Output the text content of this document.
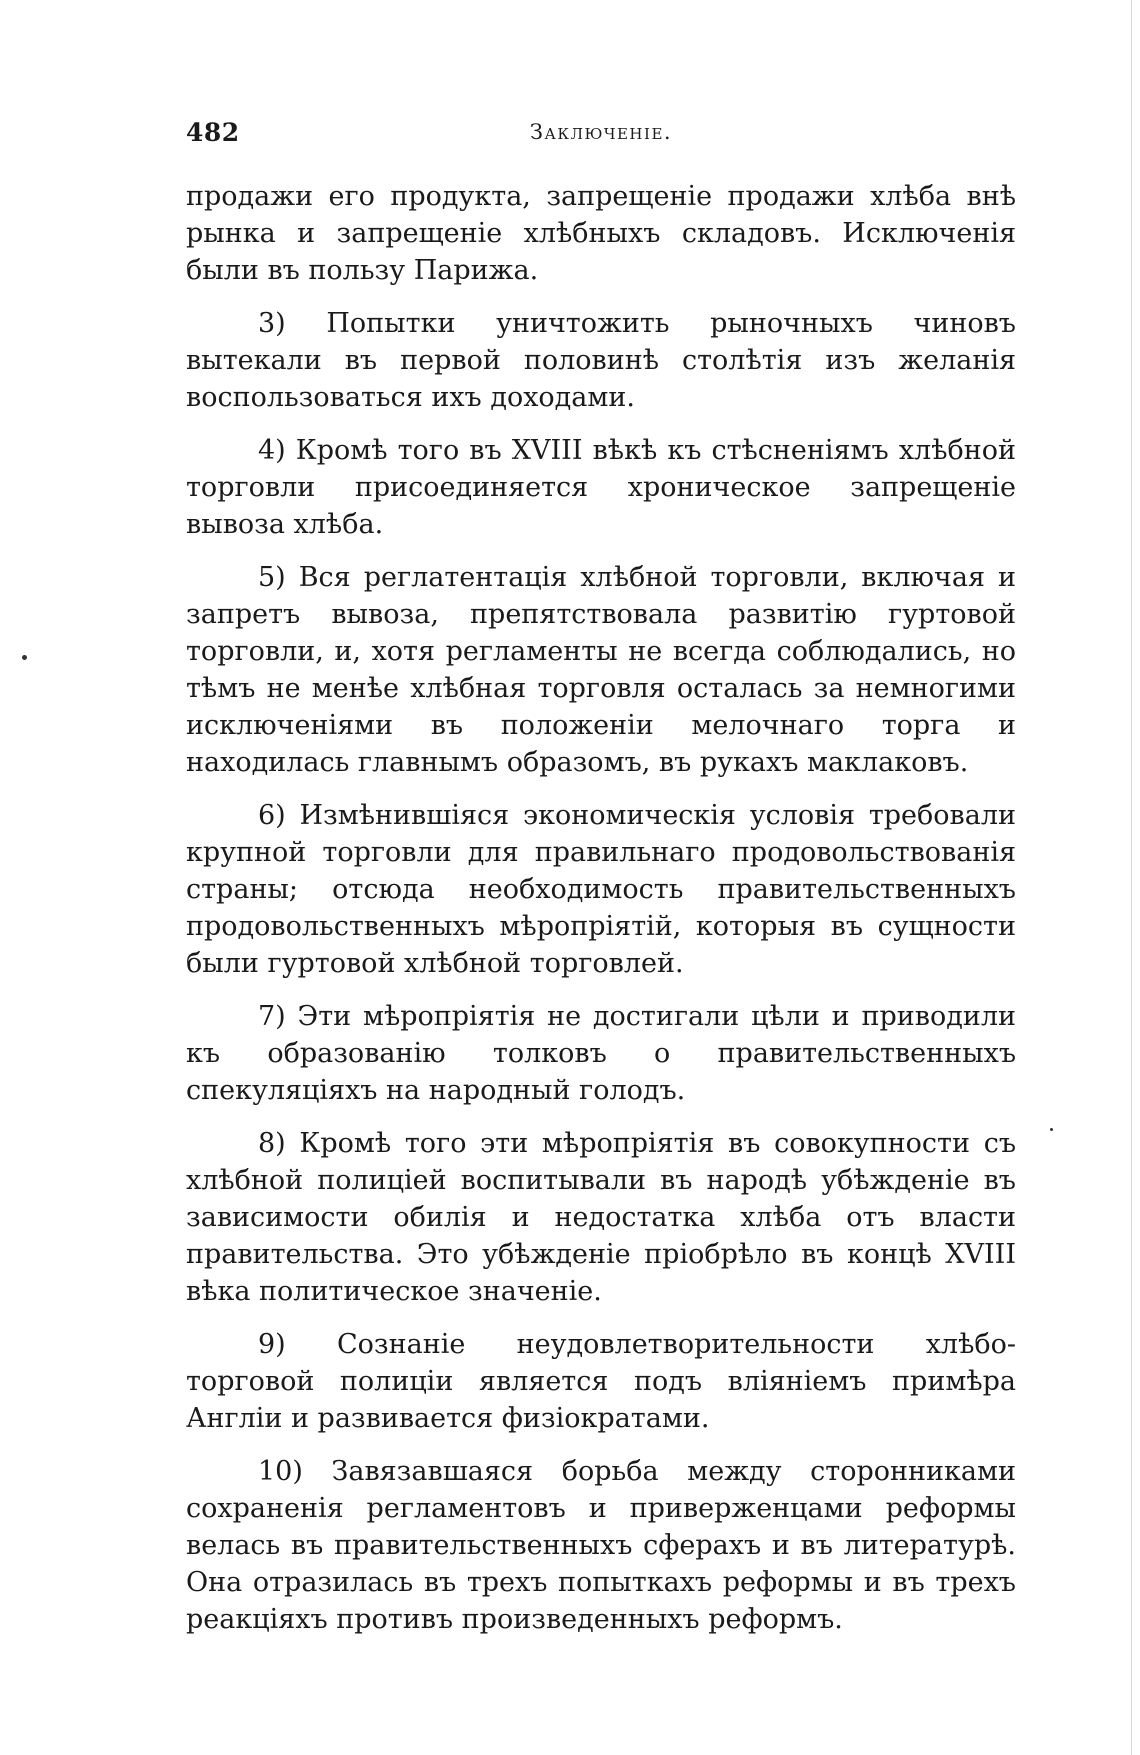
482	Заключеніе.

продажи его продукта, запрещеніе продажи хлѣба внѣ рынка и запрещеніе хлѣбныхъ складовъ. Исключенія были въ пользу Парижа.

3) Попытки уничтожить рыночныхъ чиновъ вытекали въ первой половинѣ столѣтія изъ желанія воспользоваться ихъ доходами.

4) Кромѣ того въ XVIII вѣкѣ къ стѣсненіямъ хлѣбной торговли присоединяется хроническое запрещеніе вывоза хлѣба.

5) Вся реглатентація хлѣбной торговли, включая и запретъ вывоза, препятствовала развитію гуртовой торговли, и, хотя регламенты не всегда соблюдались, но тѣмъ не менѣе хлѣбная торговля осталась за немногими исключеніями въ положеніи мелочнаго торга и находилась главнымъ образомъ, въ рукахъ маклаковъ.

6) Измѣнившіяся экономическія условія требовали крупной торговли для правильнаго продовольствованія страны; отсюда необходимость правительственныхъ продовольственныхъ мѣропріятій, которыя въ сущности были гуртовой хлѣбной торговлей.

7) Эти мѣропріятія не достигали цѣли и приводили къ образованію толковъ о правительственныхъ спекуляціяхъ на народный голодъ.

8) Кромѣ того эти мѣропріятія въ совокупности съ хлѣбной полиціей воспитывали въ народѣ убѣжденіе въ зависимости обилія и недостатка хлѣба отъ власти правительства. Это убѣжденіе пріобрѣло въ концѣ XVIII вѣка политическое значеніе.

9) Сознаніе неудовлетворительности хлѣбо-торговой полиціи является подъ вліяніемъ примѣра Англіи и развивается физіократами.

10) Завязавшаяся борьба между сторонниками сохраненія регламентовъ и приверженцами реформы велась въ правительственныхъ сферахъ и въ литературѣ. Она отразилась въ трехъ попыткахъ реформы и въ трехъ реакціяхъ противъ произведенныхъ реформъ.
